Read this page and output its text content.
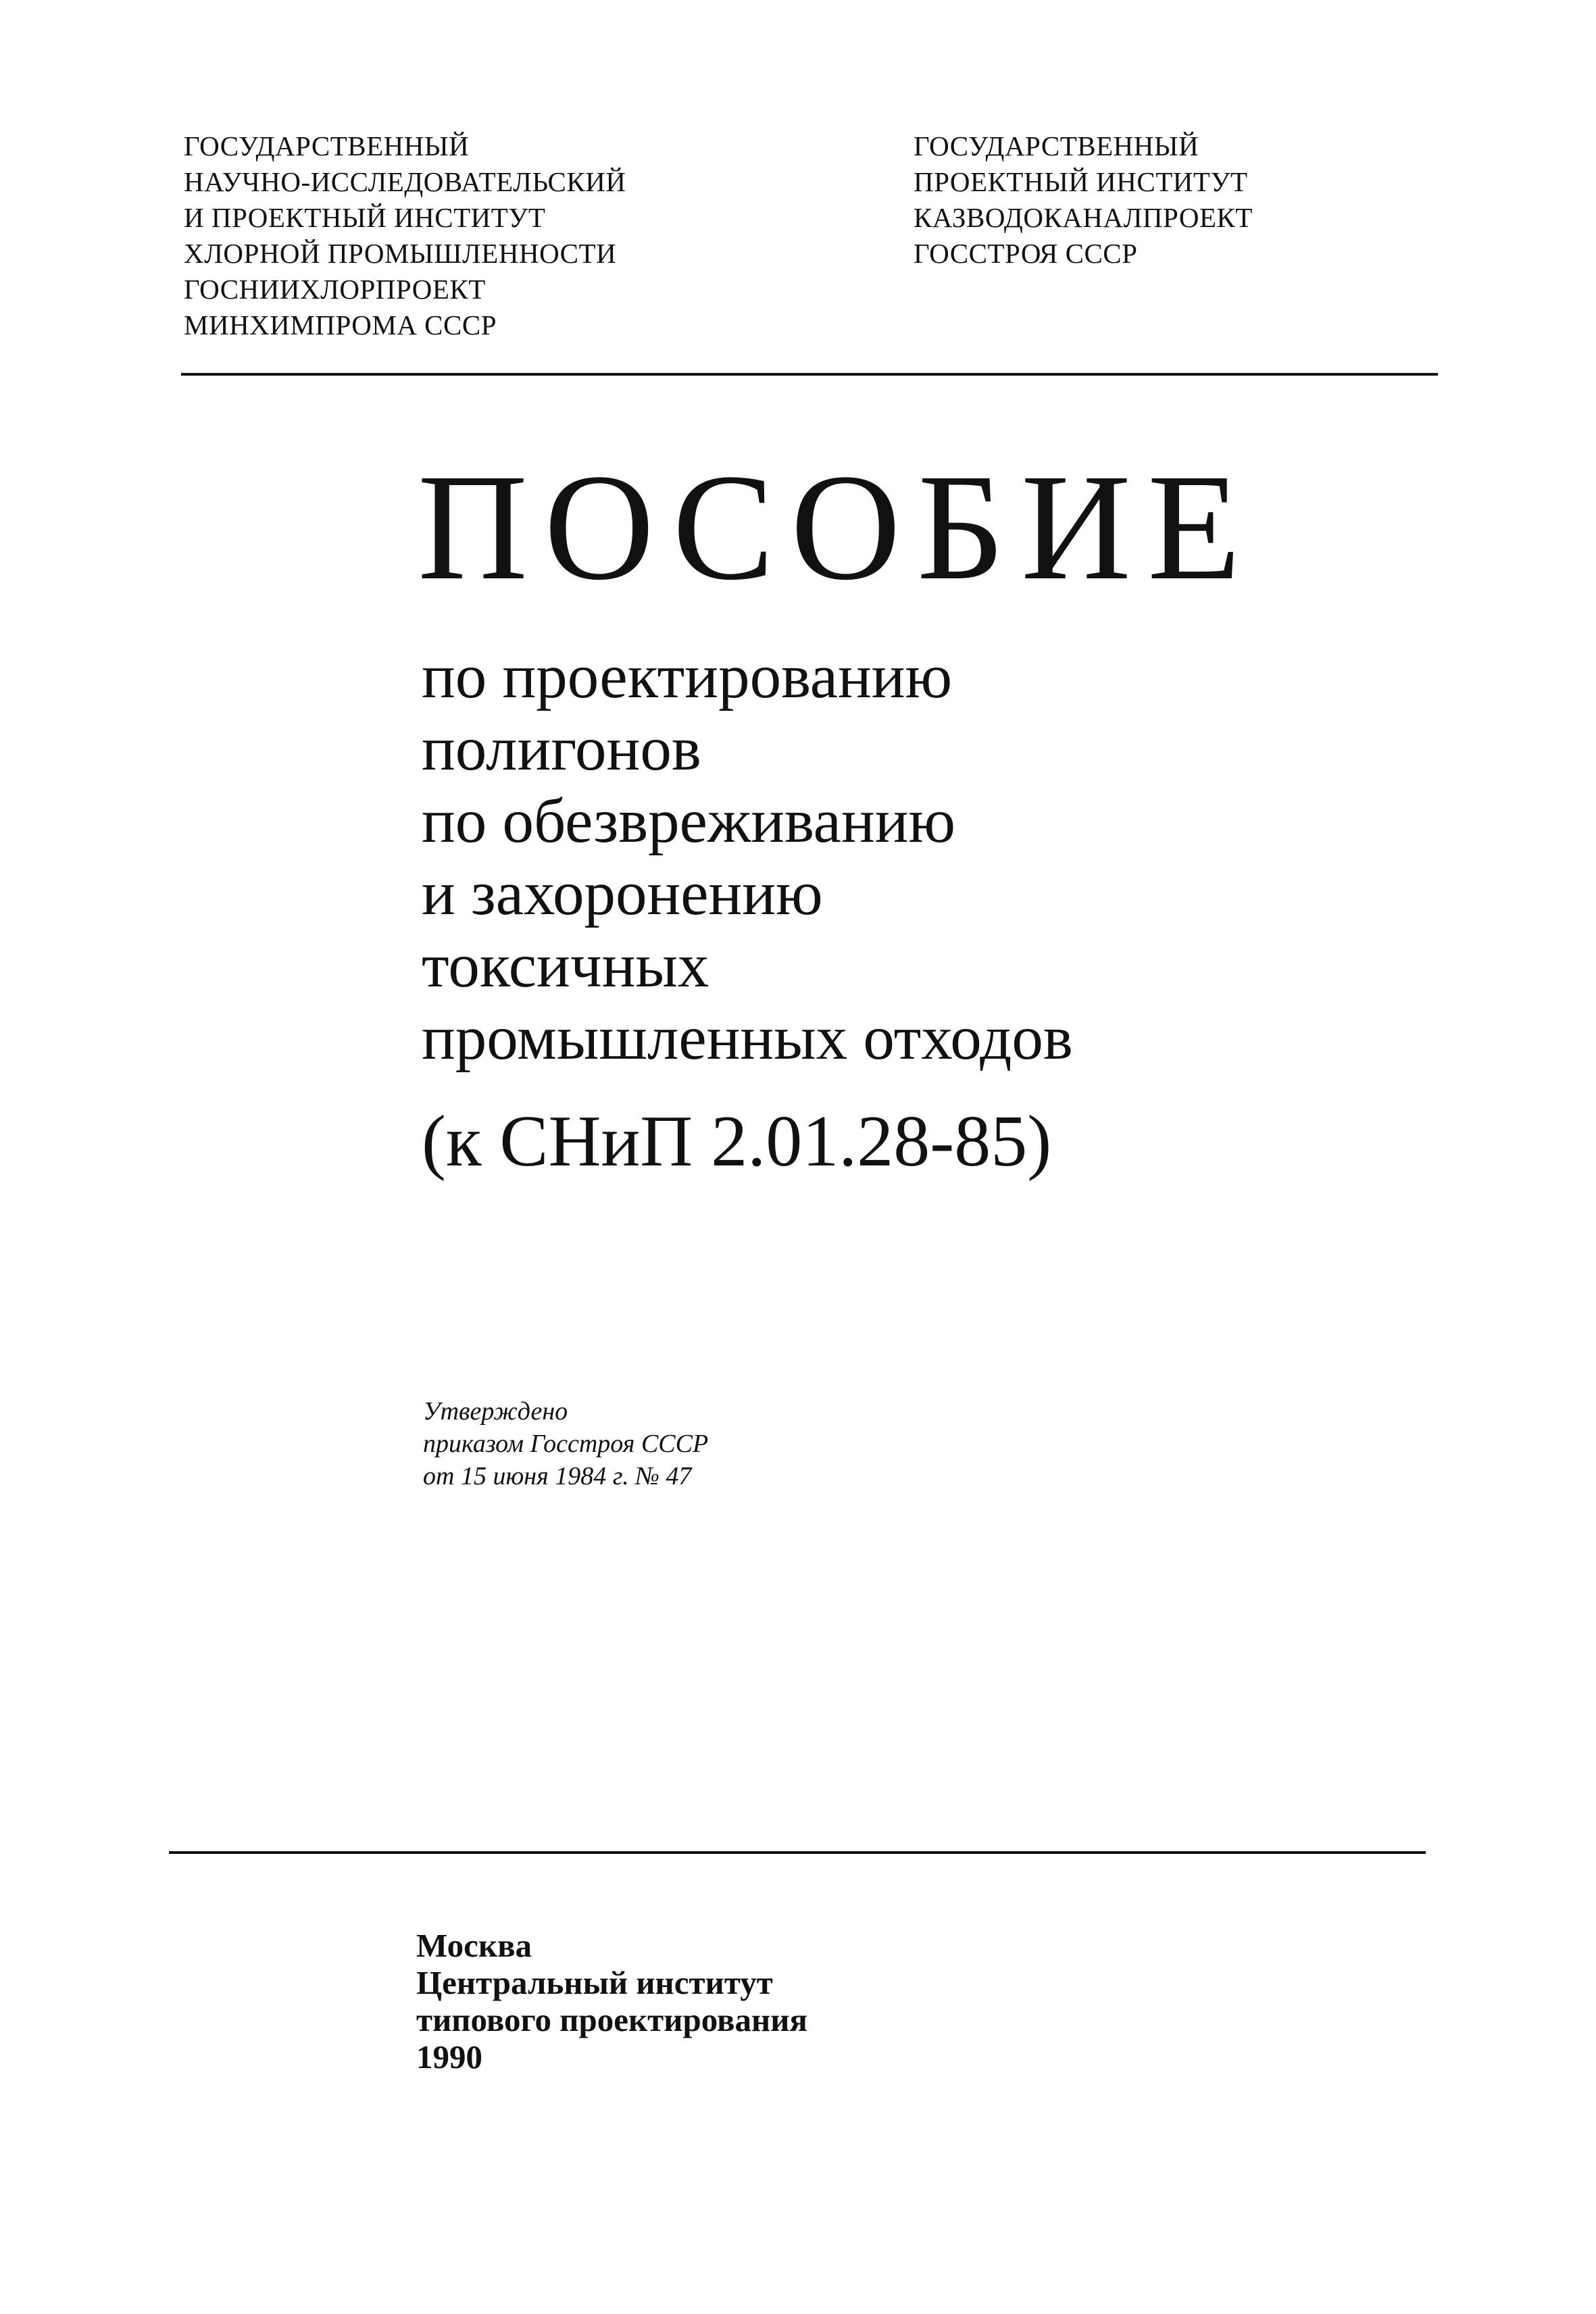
ГОСУДАРСТВЕННЫЙ
НАУЧНО-ИССЛЕДОВАТЕЛЬСКИЙ
И ПРОЕКТНЫЙ ИНСТИТУТ
ХЛОРНОЙ ПРОМЫШЛЕННОСТИ
ГОСНИИХЛОРПРОЕКТ
МИНХИМПРОМА СССР
ГОСУДАРСТВЕННЫЙ
ПРОЕКТНЫЙ ИНСТИТУТ
КАЗВОДОКАНАЛПРОЕКТ
ГОССТРОЯ СССР
ПОСОБИЕ
по проектированию
полигонов
по обезвреживанию
и захоронению
токсичных
промышленных отходов
(к СНиП 2.01.28-85)
Утверждено
приказом Госстроя СССР
от 15 июня 1984 г. № 47
Москва
Центральный институт
типового проектирования
1990
